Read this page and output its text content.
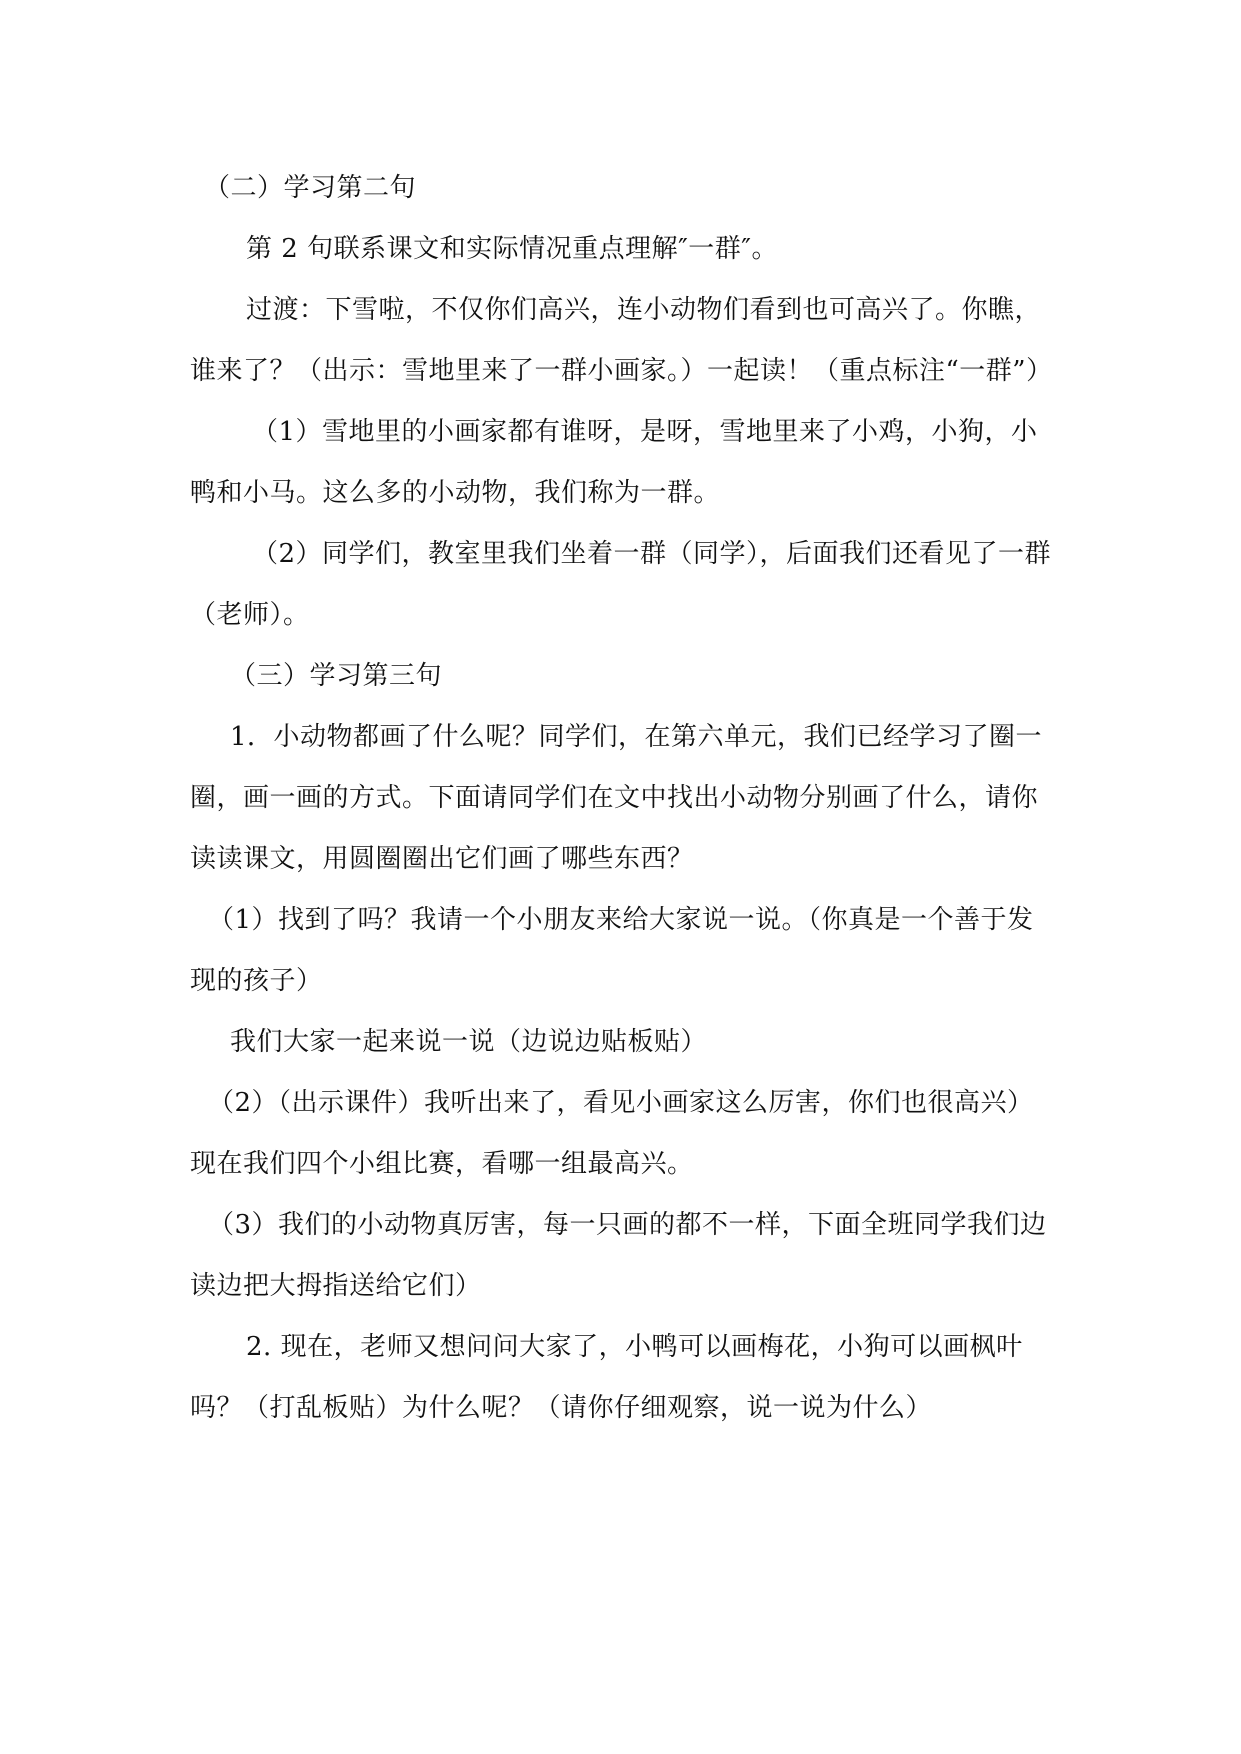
（二）学习第二句

第 2 句联系课文和实际情况重点理解″一群″。

过渡：下雪啦，不仅你们高兴，连小动物们看到也可高兴了。你瞧，谁来了？（出示：雪地里来了一群小画家。）一起读！（重点标注“一群”）

（1）雪地里的小画家都有谁呀，是呀，雪地里来了小鸡，小狗，小鸭和小马。这么多的小动物，我们称为一群。

（2）同学们，教室里我们坐着一群（同学），后面我们还看见了一群（老师）。

（三）学习第三句

1．小动物都画了什么呢？同学们，在第六单元，我们已经学习了圈一圈，画一画的方式。下面请同学们在文中找出小动物分别画了什么，请你读读课文，用圆圈圈出它们画了哪些东西？

（1）找到了吗？我请一个小朋友来给大家说一说。（你真是一个善于发现的孩子）

我们大家一起来说一说（边说边贴板贴）

（2）（出示课件）我听出来了，看见小画家这么厉害，你们也很高兴）现在我们四个小组比赛，看哪一组最高兴。

（3）我们的小动物真厉害，每一只画的都不一样，下面全班同学我们边读边把大拇指送给它们）

2. 现在，老师又想问问大家了，小鸭可以画梅花，小狗可以画枫叶吗？（打乱板贴）为什么呢？（请你仔细观察，说一说为什么）
